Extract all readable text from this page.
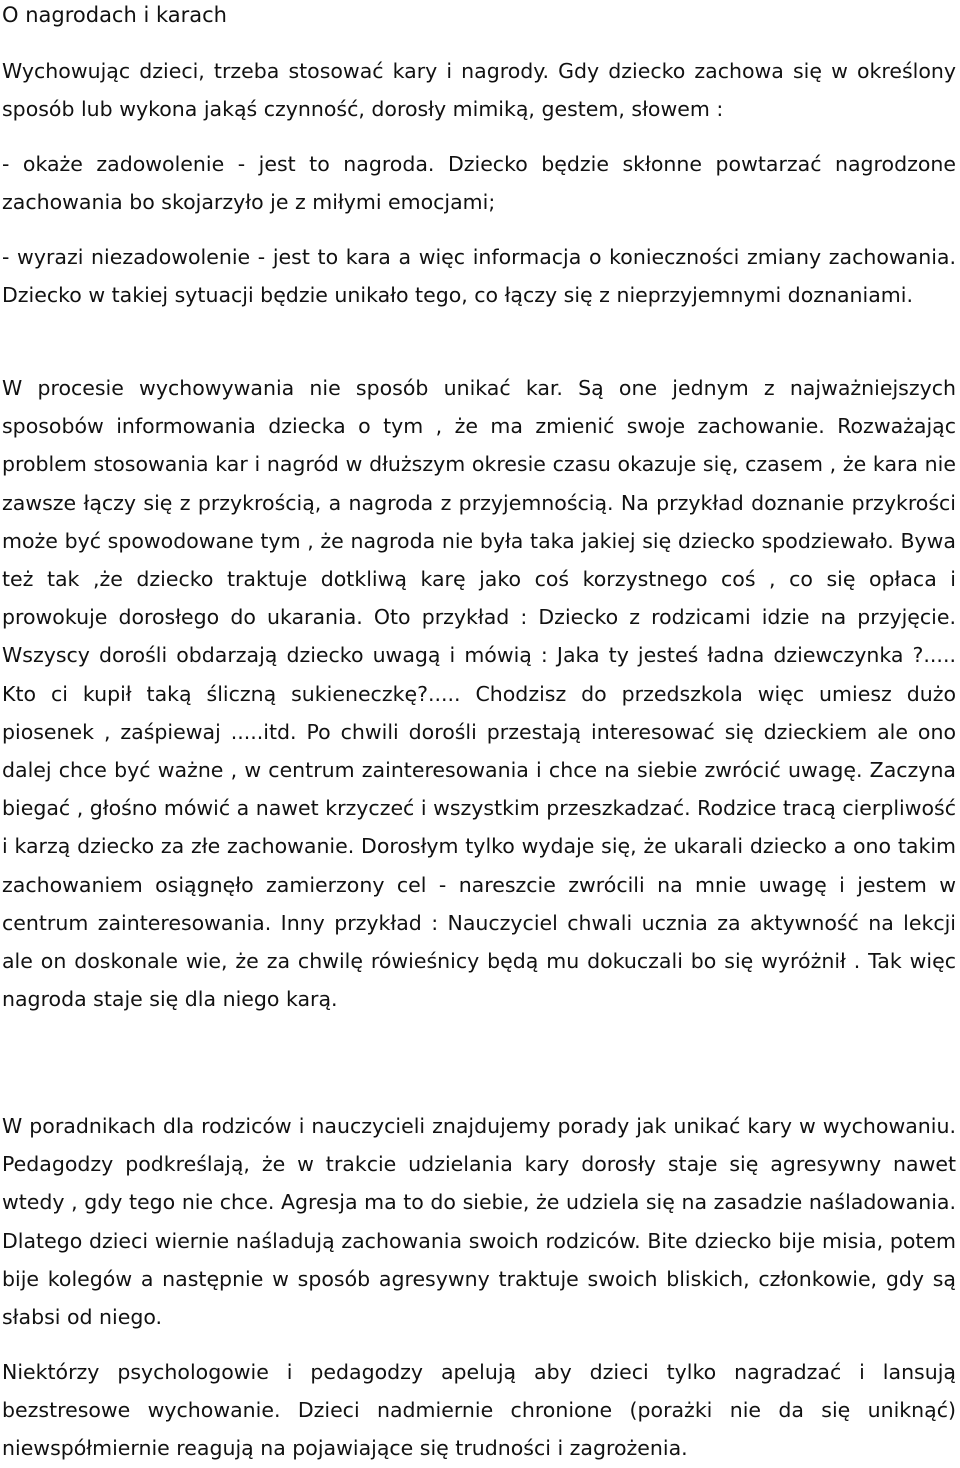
O nagrodach i karach

Wychowując dzieci, trzeba stosować kary i nagrody. Gdy dziecko zachowa się w określony sposób lub wykona jakąś czynność, dorosły mimiką, gestem, słowem :

- okaże zadowolenie - jest to nagroda. Dziecko będzie skłonne powtarzać nagrodzone zachowania bo skojarzyło je z miłymi emocjami;

- wyrazi niezadowolenie - jest to kara a więc informacja o konieczności zmiany zachowania. Dziecko w takiej sytuacji będzie unikało tego, co łączy się z nieprzyjemnymi doznaniami.

W procesie wychowywania nie sposób unikać kar. Są one jednym z najważniejszych sposobów informowania dziecka o tym , że ma zmienić swoje zachowanie. Rozważając problem stosowania kar i nagród w dłuższym okresie czasu okazuje się, czasem , że kara nie zawsze łączy się z przykrością, a nagroda z przyjemnością. Na przykład doznanie przykrości może być spowodowane tym , że nagroda nie była taka jakiej się dziecko spodziewało. Bywa też tak ,że dziecko traktuje dotkliwą karę jako coś korzystnego coś , co się opłaca i prowokuje dorosłego do ukarania. Oto przykład : Dziecko z rodzicami idzie na przyjęcie. Wszyscy dorośli obdarzają dziecko uwagą i mówią : Jaka ty jesteś ładna dziewczynka ?..... Kto ci kupił taką śliczną sukieneczkę?..... Chodzisz do przedszkola więc umiesz dużo piosenek , zaśpiewaj .....itd. Po chwili dorośli przestają interesować się dzieckiem ale ono dalej chce być ważne , w centrum zainteresowania i chce na siebie zwrócić uwagę. Zaczyna biegać , głośno mówić a nawet krzyczeć i wszystkim przeszkadzać. Rodzice tracą cierpliwość i karzą dziecko za złe zachowanie. Dorosłym tylko wydaje się, że ukarali dziecko a ono takim zachowaniem osiągnęło zamierzony cel - nareszcie zwrócili na mnie uwagę i jestem w centrum zainteresowania. Inny przykład : Nauczyciel chwali ucznia za aktywność na lekcji ale on doskonale wie, że za chwilę rówieśnicy będą mu dokuczali bo się wyróżnił . Tak więc nagroda staje się dla niego karą.

W poradnikach dla rodziców i nauczycieli znajdujemy porady jak unikać kary w wychowaniu. Pedagodzy podkreślają, że w trakcie udzielania kary dorosły staje się agresywny nawet wtedy , gdy tego nie chce. Agresja ma to do siebie, że udziela się na zasadzie naśladowania. Dlatego dzieci wiernie naśladują zachowania swoich rodziców. Bite dziecko bije misia, potem bije kolegów a następnie w sposób agresywny traktuje swoich bliskich, członkowie, gdy są słabsi od niego.

Niektórzy psychologowie i pedagodzy apelują aby dzieci tylko nagradzać i lansują bezstresowe wychowanie. Dzieci nadmiernie chronione (porażki nie da się uniknąć) niewspółmiernie reagują na pojawiające się trudności i zagrożenia.
